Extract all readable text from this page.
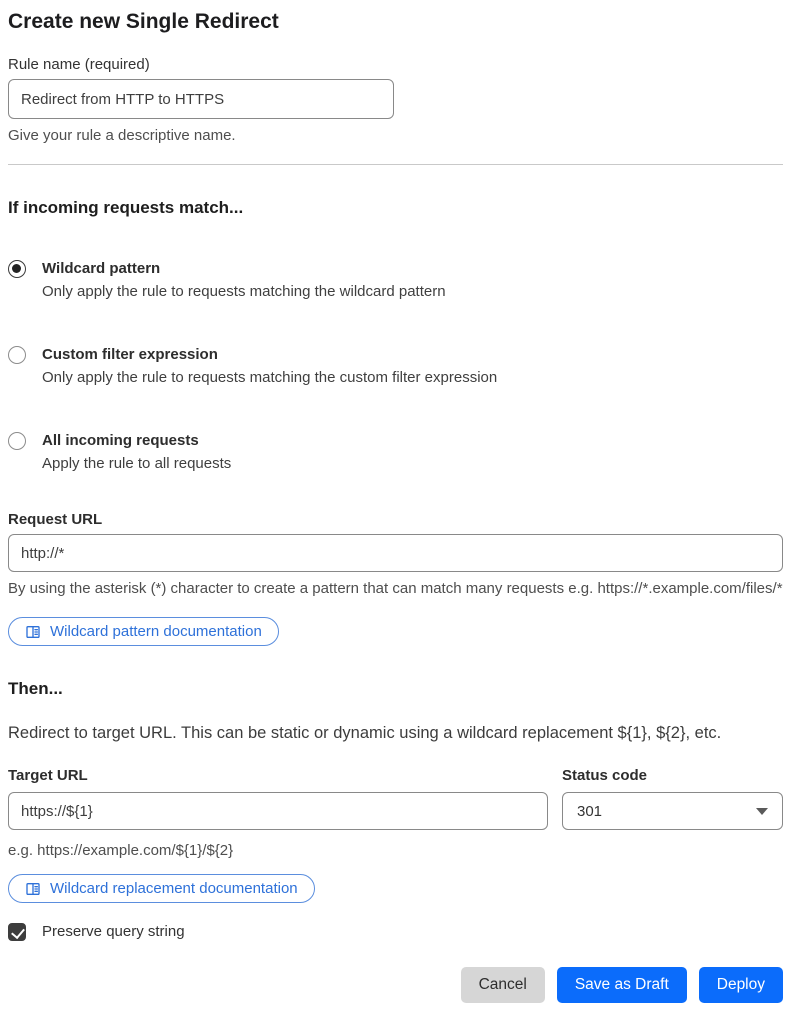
Create new Single Redirect
Rule name (required)
Redirect from HTTP to HTTPS
Give your rule a descriptive name.
If incoming requests match...
Wildcard pattern
Only apply the rule to requests matching the wildcard pattern
Custom filter expression
Only apply the rule to requests matching the custom filter expression
All incoming requests
Apply the rule to all requests
Request URL
http://*
By using the asterisk (*) character to create a pattern that can match many requests e.g. https://*.example.com/files/*
Wildcard pattern documentation
Then...

Redirect to target URL. This can be static or dynamic using a wildcard replacement ${1}, ${2}, etc.

Target URL	Status code
https://${1}
301
e.g. https://example.com/${1}/${2}
Wildcard replacement documentation
Preserve query string
Cancel	Save as Draft	Deploy
